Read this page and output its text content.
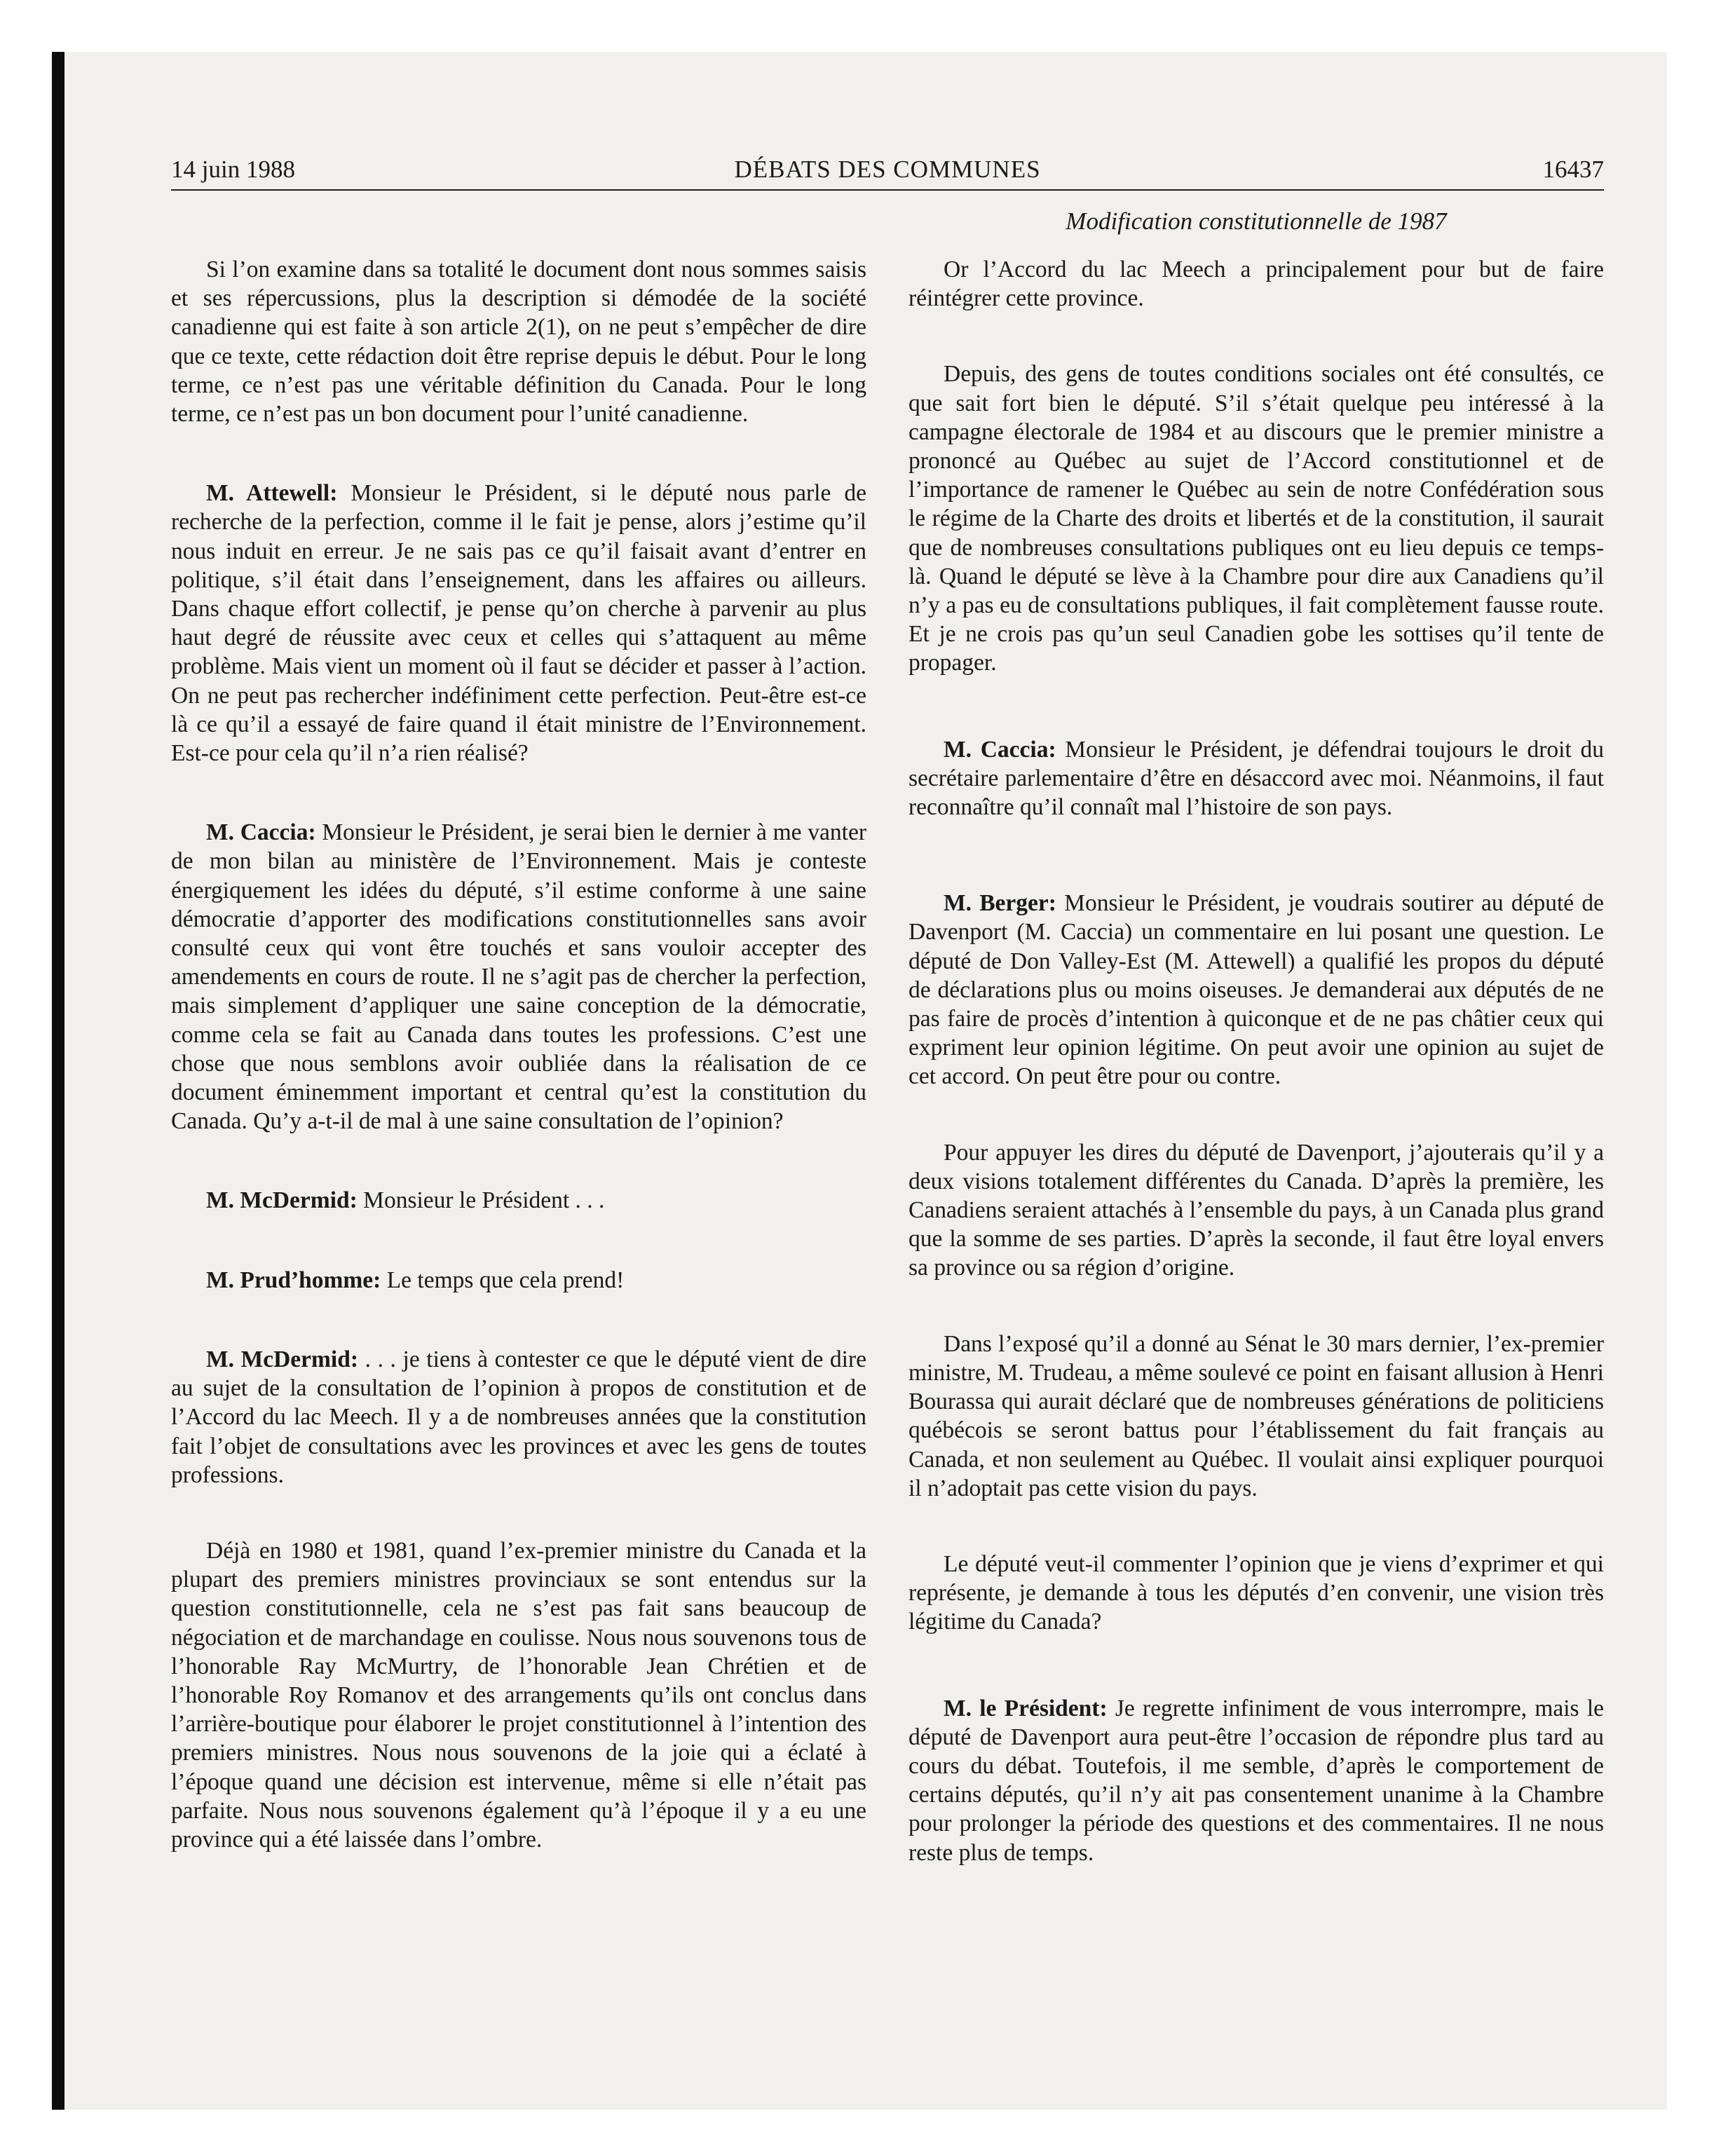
14 juin 1988	DÉBATS DES COMMUNES	16437
Modification constitutionnelle de 1987

Si l’on examine dans sa totalité le document dont nous sommes saisis et ses répercussions, plus la description si démodée de la société canadienne qui est faite à son article 2(1), on ne peut s’empêcher de dire que ce texte, cette rédaction doit être reprise depuis le début. Pour le long terme, ce n’est pas une véritable définition du Canada. Pour le long terme, ce n’est pas un bon document pour l’unité canadienne.

M. Attewell: Monsieur le Président, si le député nous parle de recherche de la perfection, comme il le fait je pense, alors j’estime qu’il nous induit en erreur. Je ne sais pas ce qu’il faisait avant d’entrer en politique, s’il était dans l’enseignement, dans les affaires ou ailleurs. Dans chaque effort collectif, je pense qu’on cherche à parvenir au plus haut degré de réussite avec ceux et celles qui s’attaquent au même problème. Mais vient un moment où il faut se décider et passer à l’action. On ne peut pas rechercher indéfiniment cette perfection. Peut-être est-ce là ce qu’il a essayé de faire quand il était ministre de l’Environnement. Est-ce pour cela qu’il n’a rien réalisé?

M. Caccia: Monsieur le Président, je serai bien le dernier à me vanter de mon bilan au ministère de l’Environnement. Mais je conteste énergiquement les idées du député, s’il estime conforme à une saine démocratie d’apporter des modifications constitutionnelles sans avoir consulté ceux qui vont être touchés et sans vouloir accepter des amendements en cours de route. Il ne s’agit pas de chercher la perfection, mais simplement d’appliquer une saine conception de la démocratie, comme cela se fait au Canada dans toutes les professions. C’est une chose que nous semblons avoir oubliée dans la réalisation de ce document éminemment important et central qu’est la constitution du Canada. Qu’y a-t-il de mal à une saine consultation de l’opinion?

M. McDermid: Monsieur le Président . . .

M. Prud’homme: Le temps que cela prend!

M. McDermid: . . . je tiens à contester ce que le député vient de dire au sujet de la consultation de l’opinion à propos de constitution et de l’Accord du lac Meech. Il y a de nombreuses années que la constitution fait l’objet de consultations avec les provinces et avec les gens de toutes professions.

Déjà en 1980 et 1981, quand l’ex-premier ministre du Canada et la plupart des premiers ministres provinciaux se sont entendus sur la question constitutionnelle, cela ne s’est pas fait sans beaucoup de négociation et de marchandage en coulisse. Nous nous souvenons tous de l’honorable Ray McMurtry, de l’honorable Jean Chrétien et de l’honorable Roy Romanov et des arrangements qu’ils ont conclus dans l’arrière-boutique pour élaborer le projet constitutionnel à l’intention des premiers ministres. Nous nous souvenons de la joie qui a éclaté à l’époque quand une décision est intervenue, même si elle n’était pas parfaite. Nous nous souvenons également qu’à l’époque il y a eu une province qui a été laissée dans l’ombre.

Or l’Accord du lac Meech a principalement pour but de faire réintégrer cette province.

Depuis, des gens de toutes conditions sociales ont été consultés, ce que sait fort bien le député. S’il s’était quelque peu intéressé à la campagne électorale de 1984 et au discours que le premier ministre a prononcé au Québec au sujet de l’Accord constitutionnel et de l’importance de ramener le Québec au sein de notre Confédération sous le régime de la Charte des droits et libertés et de la constitution, il saurait que de nombreuses consultations publiques ont eu lieu depuis ce temps-là. Quand le député se lève à la Chambre pour dire aux Canadiens qu’il n’y a pas eu de consultations publiques, il fait complètement fausse route. Et je ne crois pas qu’un seul Canadien gobe les sottises qu’il tente de propager.

M. Caccia: Monsieur le Président, je défendrai toujours le droit du secrétaire parlementaire d’être en désaccord avec moi. Néanmoins, il faut reconnaître qu’il connaît mal l’histoire de son pays.

M. Berger: Monsieur le Président, je voudrais soutirer au député de Davenport (M. Caccia) un commentaire en lui posant une question. Le député de Don Valley-Est (M. Attewell) a qualifié les propos du député de déclarations plus ou moins oiseuses. Je demanderai aux députés de ne pas faire de procès d’intention à quiconque et de ne pas châtier ceux qui expriment leur opinion légitime. On peut avoir une opinion au sujet de cet accord. On peut être pour ou contre.

Pour appuyer les dires du député de Davenport, j’ajouterais qu’il y a deux visions totalement différentes du Canada. D’après la première, les Canadiens seraient attachés à l’ensemble du pays, à un Canada plus grand que la somme de ses parties. D’après la seconde, il faut être loyal envers sa province ou sa région d’origine.

Dans l’exposé qu’il a donné au Sénat le 30 mars dernier, l’ex-premier ministre, M. Trudeau, a même soulevé ce point en faisant allusion à Henri Bourassa qui aurait déclaré que de nombreuses générations de politiciens québécois se seront battus pour l’établissement du fait français au Canada, et non seulement au Québec. Il voulait ainsi expliquer pourquoi il n’adoptait pas cette vision du pays.

Le député veut-il commenter l’opinion que je viens d’exprimer et qui représente, je demande à tous les députés d’en convenir, une vision très légitime du Canada?

M. le Président: Je regrette infiniment de vous interrompre, mais le député de Davenport aura peut-être l’occasion de répondre plus tard au cours du débat. Toutefois, il me semble, d’après le comportement de certains députés, qu’il n’y ait pas consentement unanime à la Chambre pour prolonger la période des questions et des commentaires. Il ne nous reste plus de temps.
